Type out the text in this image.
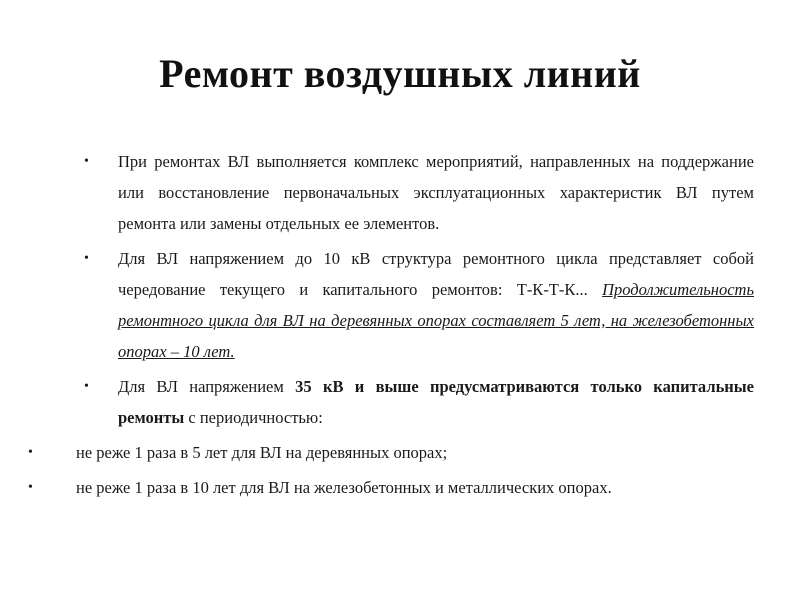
Ремонт воздушных линий
• При ремонтах ВЛ выполняется комплекс мероприятий, направленных на поддержание или восстановление первоначальных эксплуатационных характеристик ВЛ путем ремонта или замены отдельных ее элементов.
• Для ВЛ напряжением до 10 кВ структура ремонтного цикла представляет собой чередование текущего и капитального ремонтов: Т-К-Т-К... Продолжительность ремонтного цикла для ВЛ на деревянных опорах составляет 5 лет, на железобетонных опорах – 10 лет.
• Для ВЛ напряжением 35 кВ и выше предусматриваются только капитальные ремонты с периодичностью:
•	не реже 1 раза в 5 лет для ВЛ на деревянных опорах;
•	не реже 1 раза в 10 лет для ВЛ на железобетонных и металлических опорах.
